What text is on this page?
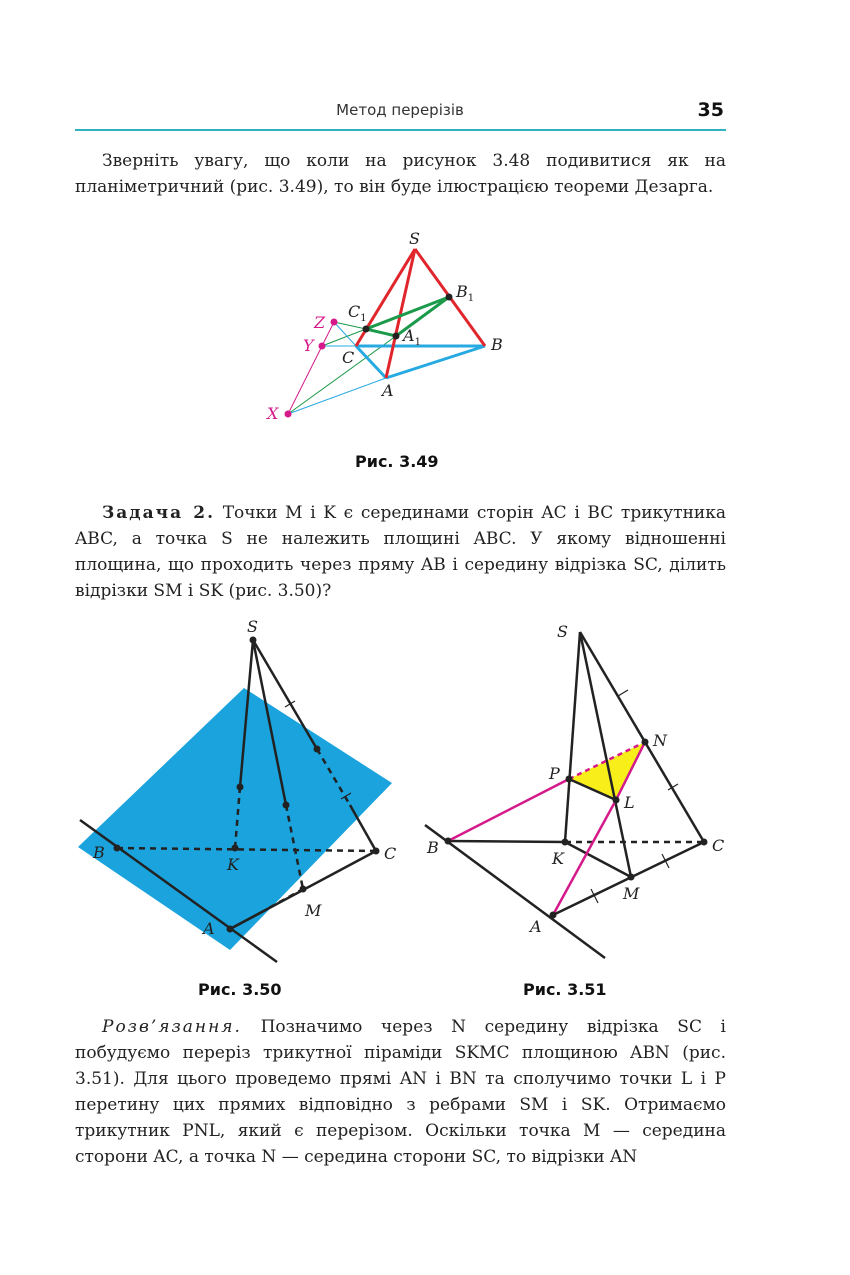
Метод перерізів	35

Зверніть увагу, що коли на рисунок 3.48 подивитися як на планіметричний (рис. 3.49), то він буде ілюстрацією теореми Дезарга.

S
$B_1$
$C_1$
$A_1$
Z
Y
X
C
A
B
Рис. 3.49

Задача 2. Точки M і K є серединами сторін AC і BC трикутника ABC, а точка S не належить площині ABC. У якому відношенні площина, що проходить через пряму AB і середину відрізка SC, ділить відрізки SM і SK (рис. 3.50)?

S
B
K
C
M
A
Рис. 3.50
S
N
P
L
B
K
C
M
A
Рис. 3.51

Розв’язання. Позначимо через N середину відрізка SC і побудуємо переріз трикутної піраміди SKMC площиною ABN (рис. 3.51). Для цього проведемо прямі AN і BN та сполучимо точки L і P перетину цих прямих відповідно з ребрами SM і SK. Отримаємо трикутник PNL, який є перерізом. Оскільки точка M — середина сторони AC, а точка N — середина сторони SC, то відрізки AN
